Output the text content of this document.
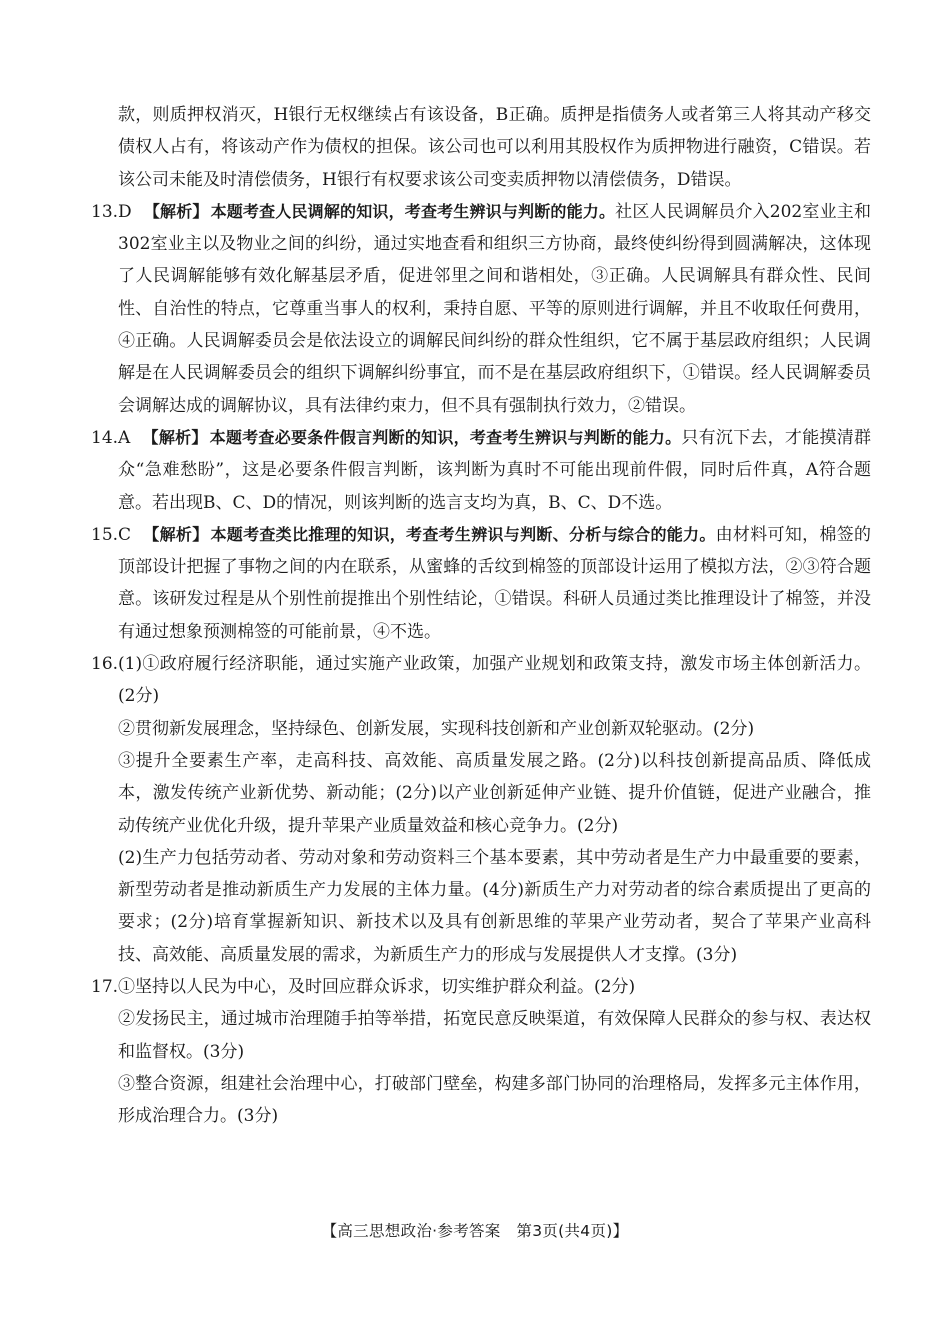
款，则质押权消灭，H银行无权继续占有该设备，B正确。质押是指债务人或者第三人将其动产移交债权人占有，将该动产作为债权的担保。该公司也可以利用其股权作为质押物进行融资，C错误。若该公司未能及时清偿债务，H银行有权要求该公司变卖质押物以清偿债务，D错误。

13.D 【解析】 本题考查人民调解的知识，考查考生辨识与判断的能力。社区人民调解员介入202室业主和302室业主以及物业之间的纠纷，通过实地查看和组织三方协商，最终使纠纷得到圆满解决，这体现了人民调解能够有效化解基层矛盾，促进邻里之间和谐相处，③正确。人民调解具有群众性、民间性、自治性的特点，它尊重当事人的权利，秉持自愿、平等的原则进行调解，并且不收取任何费用，④正确。人民调解委员会是依法设立的调解民间纠纷的群众性组织，它不属于基层政府组织；人民调解是在人民调解委员会的组织下调解纠纷事宜，而不是在基层政府组织下，①错误。经人民调解委员会调解达成的调解协议，具有法律约束力，但不具有强制执行效力，②错误。

14.A 【解析】 本题考查必要条件假言判断的知识，考查考生辨识与判断的能力。只有沉下去，才能摸清群众“急难愁盼”，这是必要条件假言判断，该判断为真时不可能出现前件假，同时后件真，A符合题意。若出现B、C、D的情况，则该判断的选言支均为真，B、C、D不选。

15.C 【解析】 本题考查类比推理的知识，考查考生辨识与判断、分析与综合的能力。由材料可知，棉签的顶部设计把握了事物之间的内在联系，从蜜蜂的舌纹到棉签的顶部设计运用了模拟方法，②③符合题意。该研发过程是从个别性前提推出个别性结论，①错误。科研人员通过类比推理设计了棉签，并没有通过想象预测棉签的可能前景，④不选。

16.(1)①政府履行经济职能，通过实施产业政策，加强产业规划和政策支持，激发市场主体创新活力。(2分)

②贯彻新发展理念，坚持绿色、创新发展，实现科技创新和产业创新双轮驱动。(2分)

③提升全要素生产率，走高科技、高效能、高质量发展之路。(2分)以科技创新提高品质、降低成本，激发传统产业新优势、新动能；(2分)以产业创新延伸产业链、提升价值链，促进产业融合，推动传统产业优化升级，提升苹果产业质量效益和核心竞争力。(2分)

(2)生产力包括劳动者、劳动对象和劳动资料三个基本要素，其中劳动者是生产力中最重要的要素，新型劳动者是推动新质生产力发展的主体力量。(4分)新质生产力对劳动者的综合素质提出了更高的要求；(2分)培育掌握新知识、新技术以及具有创新思维的苹果产业劳动者，契合了苹果产业高科技、高效能、高质量发展的需求，为新质生产力的形成与发展提供人才支撑。(3分)

17.①坚持以人民为中心，及时回应群众诉求，切实维护群众利益。(2分)

②发扬民主，通过城市治理随手拍等举措，拓宽民意反映渠道，有效保障人民群众的参与权、表达权和监督权。(3分)

③整合资源，组建社会治理中心，打破部门壁垒，构建多部门协同的治理格局，发挥多元主体作用，形成治理合力。(3分)

【高三思想政治·参考答案　第3页(共4页)】
